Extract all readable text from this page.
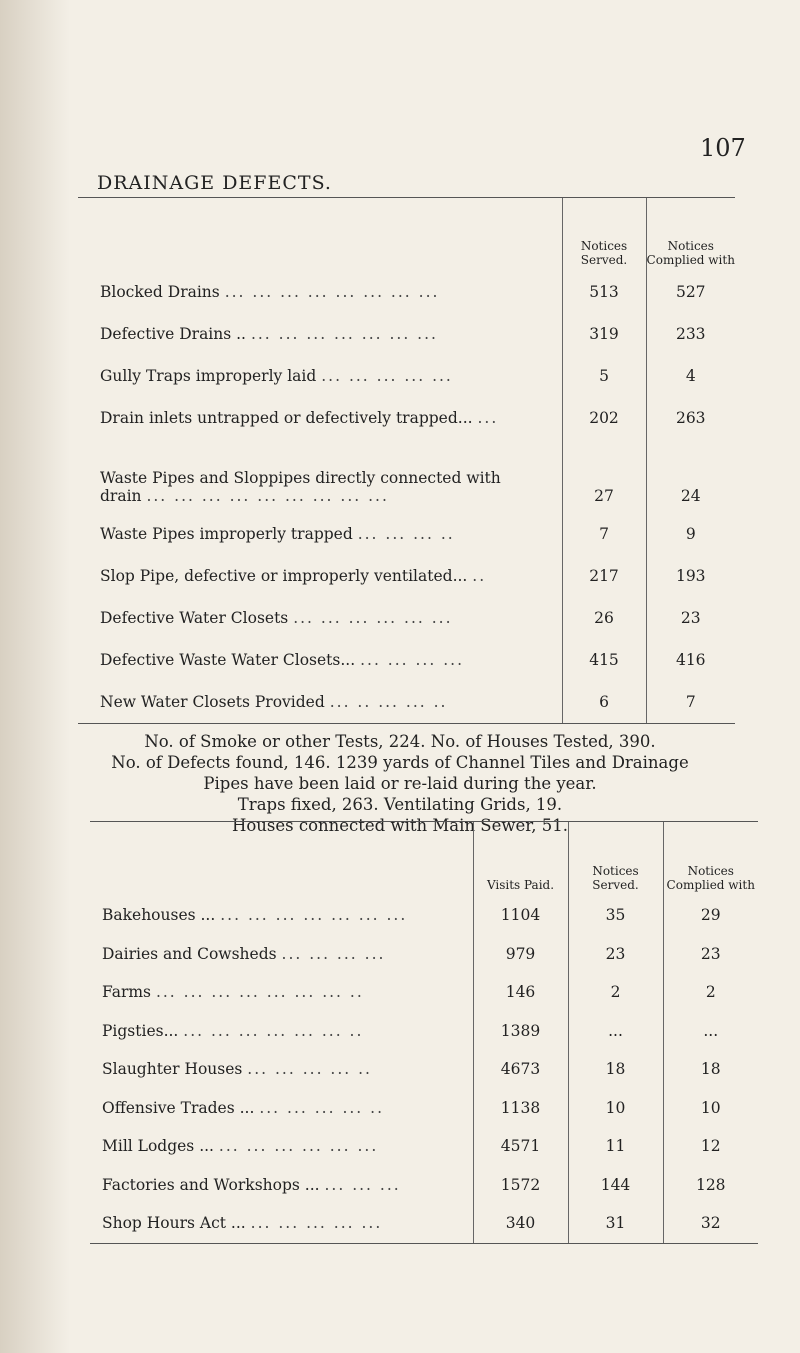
107
DRAINAGE DEFECTS.
	Notices Served.	Notices Complied with
Blocked Drains ... ... ... ... ... ... ... ...	513	527
Defective Drains .. ... ... ... ... ... ... ...	319	233
Gully Traps improperly laid ... ... ... ... ...	5	4
Drain inlets untrapped or defectively trapped... ...	202	263
Waste Pipes and Sloppipes directly connected with
drain ... ... ... ... ... ... ... ... ...	27	24
Waste Pipes improperly trapped ... ... ... ..	7	9
Slop Pipe, defective or improperly ventilated... ..	217	193
Defective Water Closets ... ... ... ... ... ...	26	23
Defective Waste Water Closets... ... ... ... ...	415	416
New Water Closets Provided ... .. ... ... ..	6	7
No. of Smoke or other Tests, 224. No. of Houses Tested, 390.
No. of Defects found, 146. 1239 yards of Channel Tiles and Drainage
Pipes have been laid or re-laid during the year.
Traps fixed, 263. Ventilating Grids, 19.
Houses connected with Main Sewer, 51.
	Visits Paid.	Notices Served.	Notices Complied with
Bakehouses ... ... ... ... ... ... ... ...	1104	35	29
Dairies and Cowsheds ... ... ... ...	979	23	23
Farms ... ... ... ... ... ... ... ..	146	2	2
Pigsties... ... ... ... ... ... ... ..	1389	...	...
Slaughter Houses ... ... ... ... ..	4673	18	18
Offensive Trades ... ... ... ... ... ..	1138	10	10
Mill Lodges ... ... ... ... ... ... ...	4571	11	12
Factories and Workshops ... ... ... ...	1572	144	128
Shop Hours Act ... ... ... ... ... ...	340	31	32
